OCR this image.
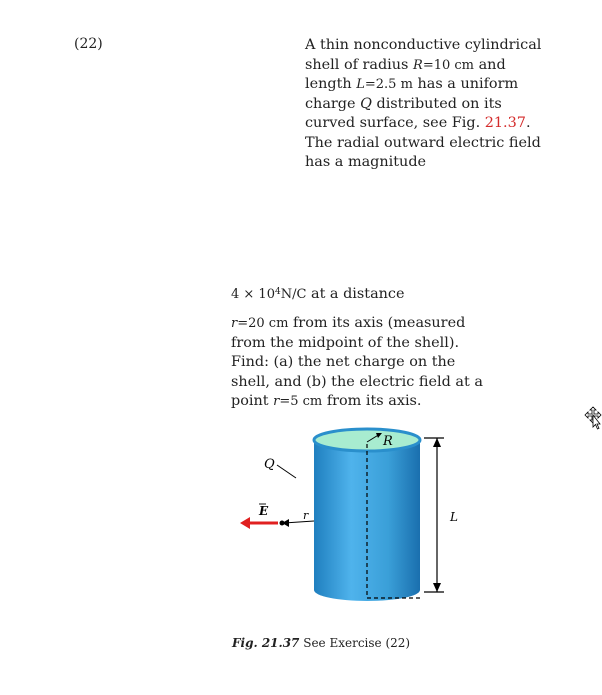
(22)	A thin nonconductive cylindrical shell of radius R=10 cm and length L=2.5 m has a uniform charge Q distributed on its curved surface, see Fig. 21.37. The radial outward electric field has a magnitude
$4 \times 10^4N/C$ at a distance
r=20 cm from its axis (measured from the midpoint of the shell). Find: (a) the net charge on the shell, and (b) the electric field at a point r=5 cm from its axis.
R
L
Q
r
E
Fig. 21.37 See Exercise (22)
